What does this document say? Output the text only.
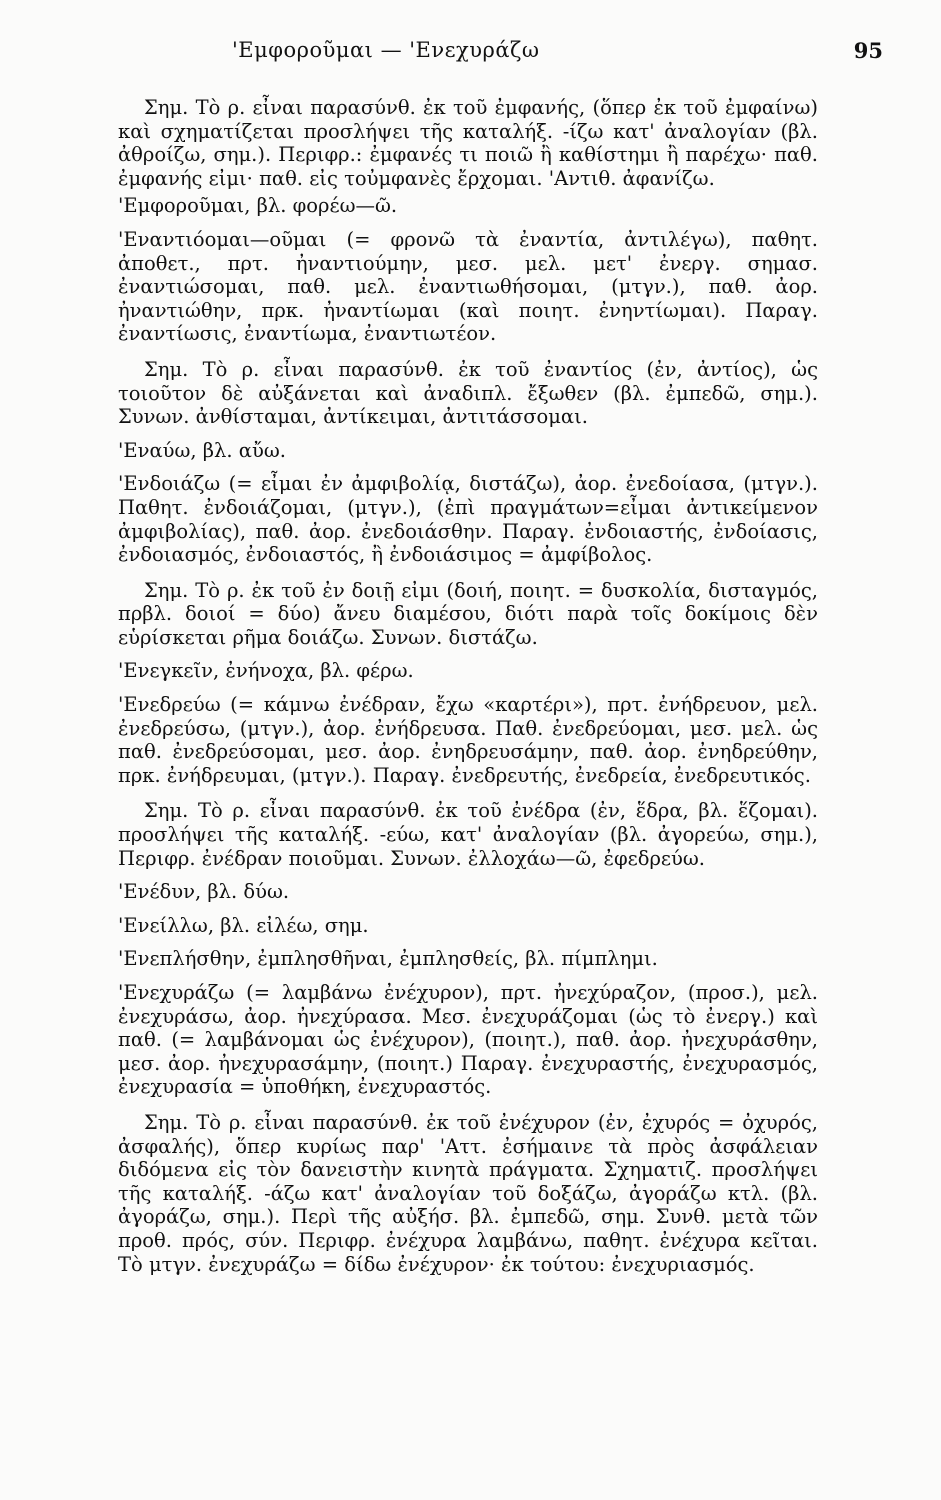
'Εμφοροῦμαι — 'Ενεχυράζω	95

Σημ. Τὸ ρ. εἶναι παρασύνθ. ἐκ τοῦ ἐμφανής, (ὅπερ ἐκ τοῦ ἐμφαίνω) καὶ σχηματίζεται προσλήψει τῆς καταλήξ. -ίζω κατ' ἀναλογίαν (βλ. ἀθροίζω, σημ.). Περιφρ.: ἐμφανές τι ποιῶ ἢ καθίστημι ἢ παρέχω· παθ. ἐμφανής εἰμι· παθ. εἰς τοὐμφανὲς ἔρχομαι. 'Αντιθ. ἀφανίζω.

'Εμφοροῦμαι, βλ. φορέω—ῶ.

'Εναντιόομαι—οῦμαι (= φρονῶ τὰ ἐναντία, ἀντιλέγω), παθητ. ἀποθετ., πρτ. ἠναντιούμην, μεσ. μελ. μετ' ἐνεργ. σημασ. ἐναντιώσομαι, παθ. μελ. ἐναντιωθήσομαι, (μτγν.), παθ. ἀορ. ἠναντιώθην, πρκ. ἠναντίωμαι (καὶ ποιητ. ἐνηντίωμαι). Παραγ. ἐναντίωσις, ἐναντίωμα, ἐναντιωτέον.

Σημ. Τὸ ρ. εἶναι παρασύνθ. ἐκ τοῦ ἐναντίος (ἐν, ἀντίος), ὡς τοιοῦτον δὲ αὐξάνεται καὶ ἀναδιπλ. ἔξωθεν (βλ. ἐμπεδῶ, σημ.). Συνων. ἀνθίσταμαι, ἀντίκειμαι, ἀντιτάσσομαι.

'Εναύω, βλ. αὔω.

'Ενδοιάζω (= εἶμαι ἐν ἀμφιβολίᾳ, διστάζω), ἀορ. ἐνεδοίασα, (μτγν.). Παθητ. ἐνδοιάζομαι, (μτγν.), (ἐπὶ πραγμάτων=εἶμαι ἀντικείμενον ἀμφιβολίας), παθ. ἀορ. ἐνεδοιάσθην. Παραγ. ἐνδοιαστής, ἐνδοίασις, ἐνδοιασμός, ἐνδοιαστός, ἢ ἐνδοιάσιμος = ἀμφίβολος.

Σημ. Τὸ ρ. ἐκ τοῦ ἐν δοιῇ εἰμι (δοιή, ποιητ. = δυσκολία, δισταγμός, πρβλ. δοιοί = δύο) ἄνευ διαμέσου, διότι παρὰ τοῖς δοκίμοις δὲν εὑρίσκεται ρῆμα δοιάζω. Συνων. διστάζω.

'Ενεγκεῖν, ἐνήνοχα, βλ. φέρω.

'Ενεδρεύω (= κάμνω ἐνέδραν, ἔχω «καρτέρι»), πρτ. ἐνήδρευον, μελ. ἐνεδρεύσω, (μτγν.), ἀορ. ἐνήδρευσα. Παθ. ἐνεδρεύομαι, μεσ. μελ. ὡς παθ. ἐνεδρεύσομαι, μεσ. ἀορ. ἐνηδρευσάμην, παθ. ἀορ. ἐνηδρεύθην, πρκ. ἐνήδρευμαι, (μτγν.). Παραγ. ἐνεδρευτής, ἐνεδρεία, ἐνεδρευτικός.

Σημ. Τὸ ρ. εἶναι παρασύνθ. ἐκ τοῦ ἐνέδρα (ἐν, ἕδρα, βλ. ἕζομαι). προσλήψει τῆς καταλήξ. -εύω, κατ' ἀναλογίαν (βλ. ἀγορεύω, σημ.), Περιφρ. ἐνέδραν ποιοῦμαι. Συνων. ἐλλοχάω—ῶ, ἐφεδρεύω.

'Ενέδυν, βλ. δύω.

'Ενείλλω, βλ. εἰλέω, σημ.

'Ενεπλήσθην, ἐμπλησθῆναι, ἐμπλησθείς, βλ. πίμπλημι.

'Ενεχυράζω (= λαμβάνω ἐνέχυρον), πρτ. ἠνεχύραζον, (προσ.), μελ. ἐνεχυράσω, ἀορ. ἠνεχύρασα. Μεσ. ἐνεχυράζομαι (ὡς τὸ ἐνεργ.) καὶ παθ. (= λαμβάνομαι ὡς ἐνέχυρον), (ποιητ.), παθ. ἀορ. ἠνεχυράσθην, μεσ. ἀορ. ἠνεχυρασάμην, (ποιητ.) Παραγ. ἐνεχυραστής, ἐνεχυρασμός, ἐνεχυρασία = ὑποθήκη, ἐνεχυραστός.

Σημ. Τὸ ρ. εἶναι παρασύνθ. ἐκ τοῦ ἐνέχυρον (ἐν, ἐχυρός = ὀχυρός, ἀσφαλής), ὅπερ κυρίως παρ' 'Αττ. ἐσήμαινε τὰ πρὸς ἀσφάλειαν διδόμενα εἰς τὸν δανειστὴν κινητὰ πράγματα. Σχηματιζ. προσλήψει τῆς καταλήξ. -άζω κατ' ἀναλογίαν τοῦ δοξάζω, ἀγοράζω κτλ. (βλ. ἀγοράζω, σημ.). Περὶ τῆς αὐξήσ. βλ. ἐμπεδῶ, σημ. Συνθ. μετὰ τῶν προθ. πρός, σύν. Περιφρ. ἐνέχυρα λαμβάνω, παθητ. ἐνέχυρα κεῖται. Τὸ μτγν. ἐνεχυράζω = δίδω ἐνέχυρον· ἐκ τούτου: ἐνεχυριασμός.
